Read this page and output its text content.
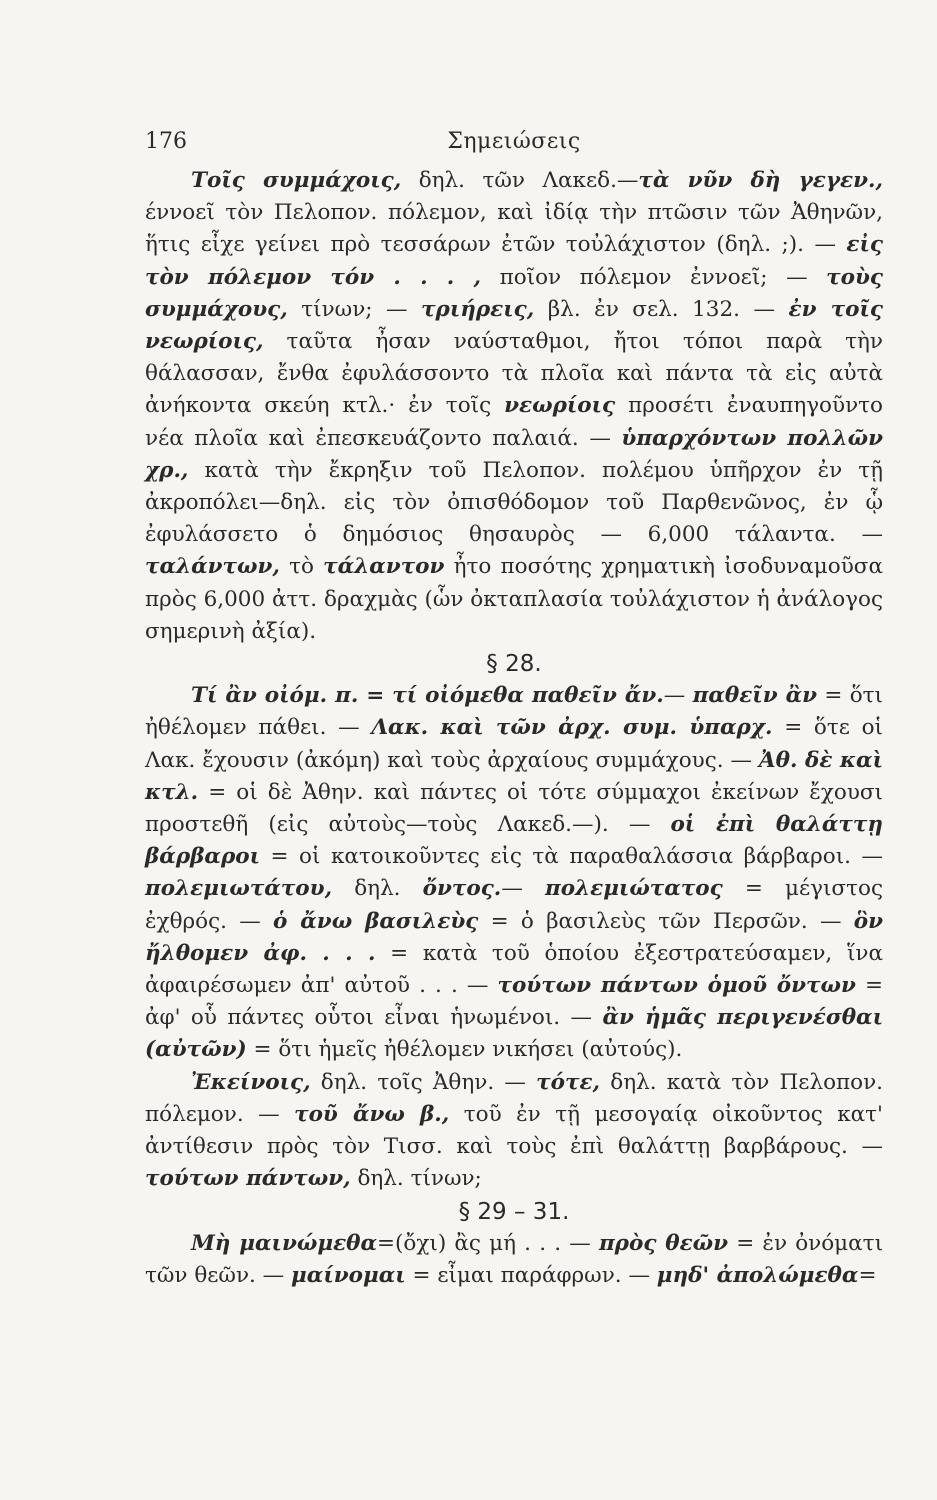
176	Σημειώσεις

Τοῖς συμμάχοις, δηλ. τῶν Λακεδ.—τὰ νῦν δὴ γεγεν., έννοεῖ τὸν Πελοπον. πόλεμον, καὶ ἰδίᾳ τὴν πτῶσιν τῶν Ἀθηνῶν, ἥτις εἶχε γείνει πρὸ τεσσάρων ἐτῶν τοὐλάχιστον (δηλ. ;). — εἰς τὸν πόλεμον τόν . . . , ποῖον πόλεμον ἐννοεῖ; — τοὺς συμμάχους, τίνων; — τριήρεις, βλ. ἐν σελ. 132. — ἐν τοῖς νεωρίοις, ταῦτα ἦσαν ναύσταθμοι, ἤτοι τόποι παρὰ τὴν θάλασσαν, ἔνθα ἐφυλάσσοντο τὰ πλοῖα καὶ πάντα τὰ εἰς αὐτὰ ἀνήκοντα σκεύη κτλ.· ἐν τοῖς νεωρίοις προσέτι ἐναυπηγοῦντο νέα πλοῖα καὶ ἐπεσκευάζοντο παλαιά. — ὑπαρχόντων πολλῶν χρ., κατὰ τὴν ἔκρηξιν τοῦ Πελοπον. πολέμου ὑπῆρχον ἐν τῇ ἀκροπόλει—δηλ. εἰς τὸν ὀπισθόδομον τοῦ Παρθενῶνος, ἐν ᾧ ἐφυλάσσετο ὁ δημόσιος θησαυρὸς — 6,000 τάλαντα. — ταλάντων, τὸ τάλαντον ἦτο ποσότης χρηματικὴ ἰσοδυναμοῦσα πρὸς 6,000 ἀττ. δραχμὰς (ὧν ὀκταπλασία τοὐλάχιστον ἡ ἀνάλογος σημερινὴ ἀξία).

§ 28.

Τί ἂν οἰόμ. π. = τί οἰόμεθα παθεῖν ἄν.— παθεῖν ἂν = ὅτι ἠθέλομεν πάθει. — Λακ. καὶ τῶν ἀρχ. συμ. ὑπαρχ. = ὅτε οἱ Λακ. ἔχουσιν (ἀκόμη) καὶ τοὺς ἀρχαίους συμμάχους. — Ἀθ. δὲ καὶ κτλ. = οἱ δὲ Ἀθην. καὶ πάντες οἱ τότε σύμμαχοι ἐκείνων ἔχουσι προστεθῆ (εἰς αὐτοὺς—τοὺς Λακεδ.—). — οἱ ἐπὶ θαλάττῃ βάρβαροι = οἱ κατοικοῦντες εἰς τὰ παραθαλάσσια βάρβαροι. — πολεμιωτάτου, δηλ. ὄντος.— πολεμιώτατος = μέγιστος ἐχθρός. — ὁ ἄνω βασιλεὺς = ὁ βασιλεὺς τῶν Περσῶν. — ὃν ἤλθομεν ἀφ. . . . = κατὰ τοῦ ὁποίου ἐξεστρατεύσαμεν, ἵνα ἀφαιρέσωμεν ἀπ' αὐτοῦ . . . — τούτων πάντων ὁμοῦ ὄντων = ἀφ' οὗ πάντες οὗτοι εἶναι ἡνωμένοι. — ἂν ἡμᾶς περιγενέσθαι (αὐτῶν) = ὅτι ἡμεῖς ἠθέλομεν νικήσει (αὐτούς).

Ἐκείνοις, δηλ. τοῖς Ἀθην. — τότε, δηλ. κατὰ τὸν Πελοπον. πόλεμον. — τοῦ ἄνω β., τοῦ ἐν τῇ μεσογαίᾳ οἰκοῦντος κατ' ἀντίθεσιν πρὸς τὸν Τισσ. καὶ τοὺς ἐπὶ θαλάττῃ βαρβάρους. — τούτων πάντων, δηλ. τίνων;

§ 29 – 31.

Μὴ μαινώμεθα=(ὄχι) ἂς μή . . . — πρὸς θεῶν = ἐν ὀνόματι τῶν θεῶν. — μαίνομαι = εἶμαι παράφρων. — μηδ' ἀπολώμεθα=
